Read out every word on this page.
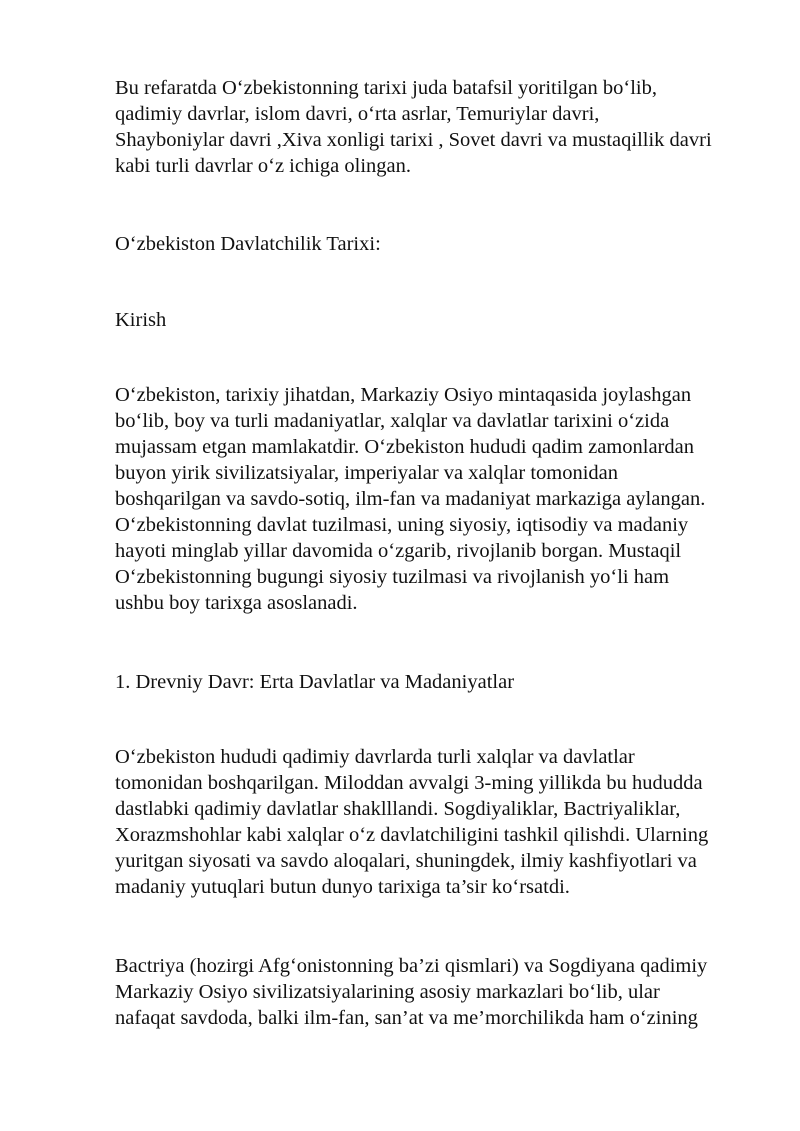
Bu refaratda O‘zbekistonning tarixi juda batafsil yoritilgan bo‘lib,
qadimiy davrlar, islom davri, o‘rta asrlar, Temuriylar davri,
Shayboniylar davri ,Xiva xonligi tarixi , Sovet davri va mustaqillik davri
kabi turli davrlar o‘z ichiga olingan.

O‘zbekiston Davlatchilik Tarixi:

Kirish

O‘zbekiston, tarixiy jihatdan, Markaziy Osiyo mintaqasida joylashgan
bo‘lib, boy va turli madaniyatlar, xalqlar va davlatlar tarixini o‘zida
mujassam etgan mamlakatdir. O‘zbekiston hududi qadim zamonlardan
buyon yirik sivilizatsiyalar, imperiyalar va xalqlar tomonidan
boshqarilgan va savdo-sotiq, ilm-fan va madaniyat markaziga aylangan.
O‘zbekistonning davlat tuzilmasi, uning siyosiy, iqtisodiy va madaniy
hayoti minglab yillar davomida o‘zgarib, rivojlanib borgan. Mustaqil
O‘zbekistonning bugungi siyosiy tuzilmasi va rivojlanish yo‘li ham
ushbu boy tarixga asoslanadi.

1. Drevniy Davr: Erta Davlatlar va Madaniyatlar

O‘zbekiston hududi qadimiy davrlarda turli xalqlar va davlatlar
tomonidan boshqarilgan. Miloddan avvalgi 3-ming yillikda bu hududda
dastlabki qadimiy davlatlar shaklllandi. Sogdiyaliklar, Bactriyaliklar,
Xorazmshohlar kabi xalqlar o‘z davlatchiligini tashkil qilishdi. Ularning
yuritgan siyosati va savdo aloqalari, shuningdek, ilmiy kashfiyotlari va
madaniy yutuqlari butun dunyo tarixiga ta’sir ko‘rsatdi.

Bactriya (hozirgi Afg‘onistonning ba’zi qismlari) va Sogdiyana qadimiy
Markaziy Osiyo sivilizatsiyalarining asosiy markazlari bo‘lib, ular
nafaqat savdoda, balki ilm-fan, san’at va me’morchilikda ham o‘zining
